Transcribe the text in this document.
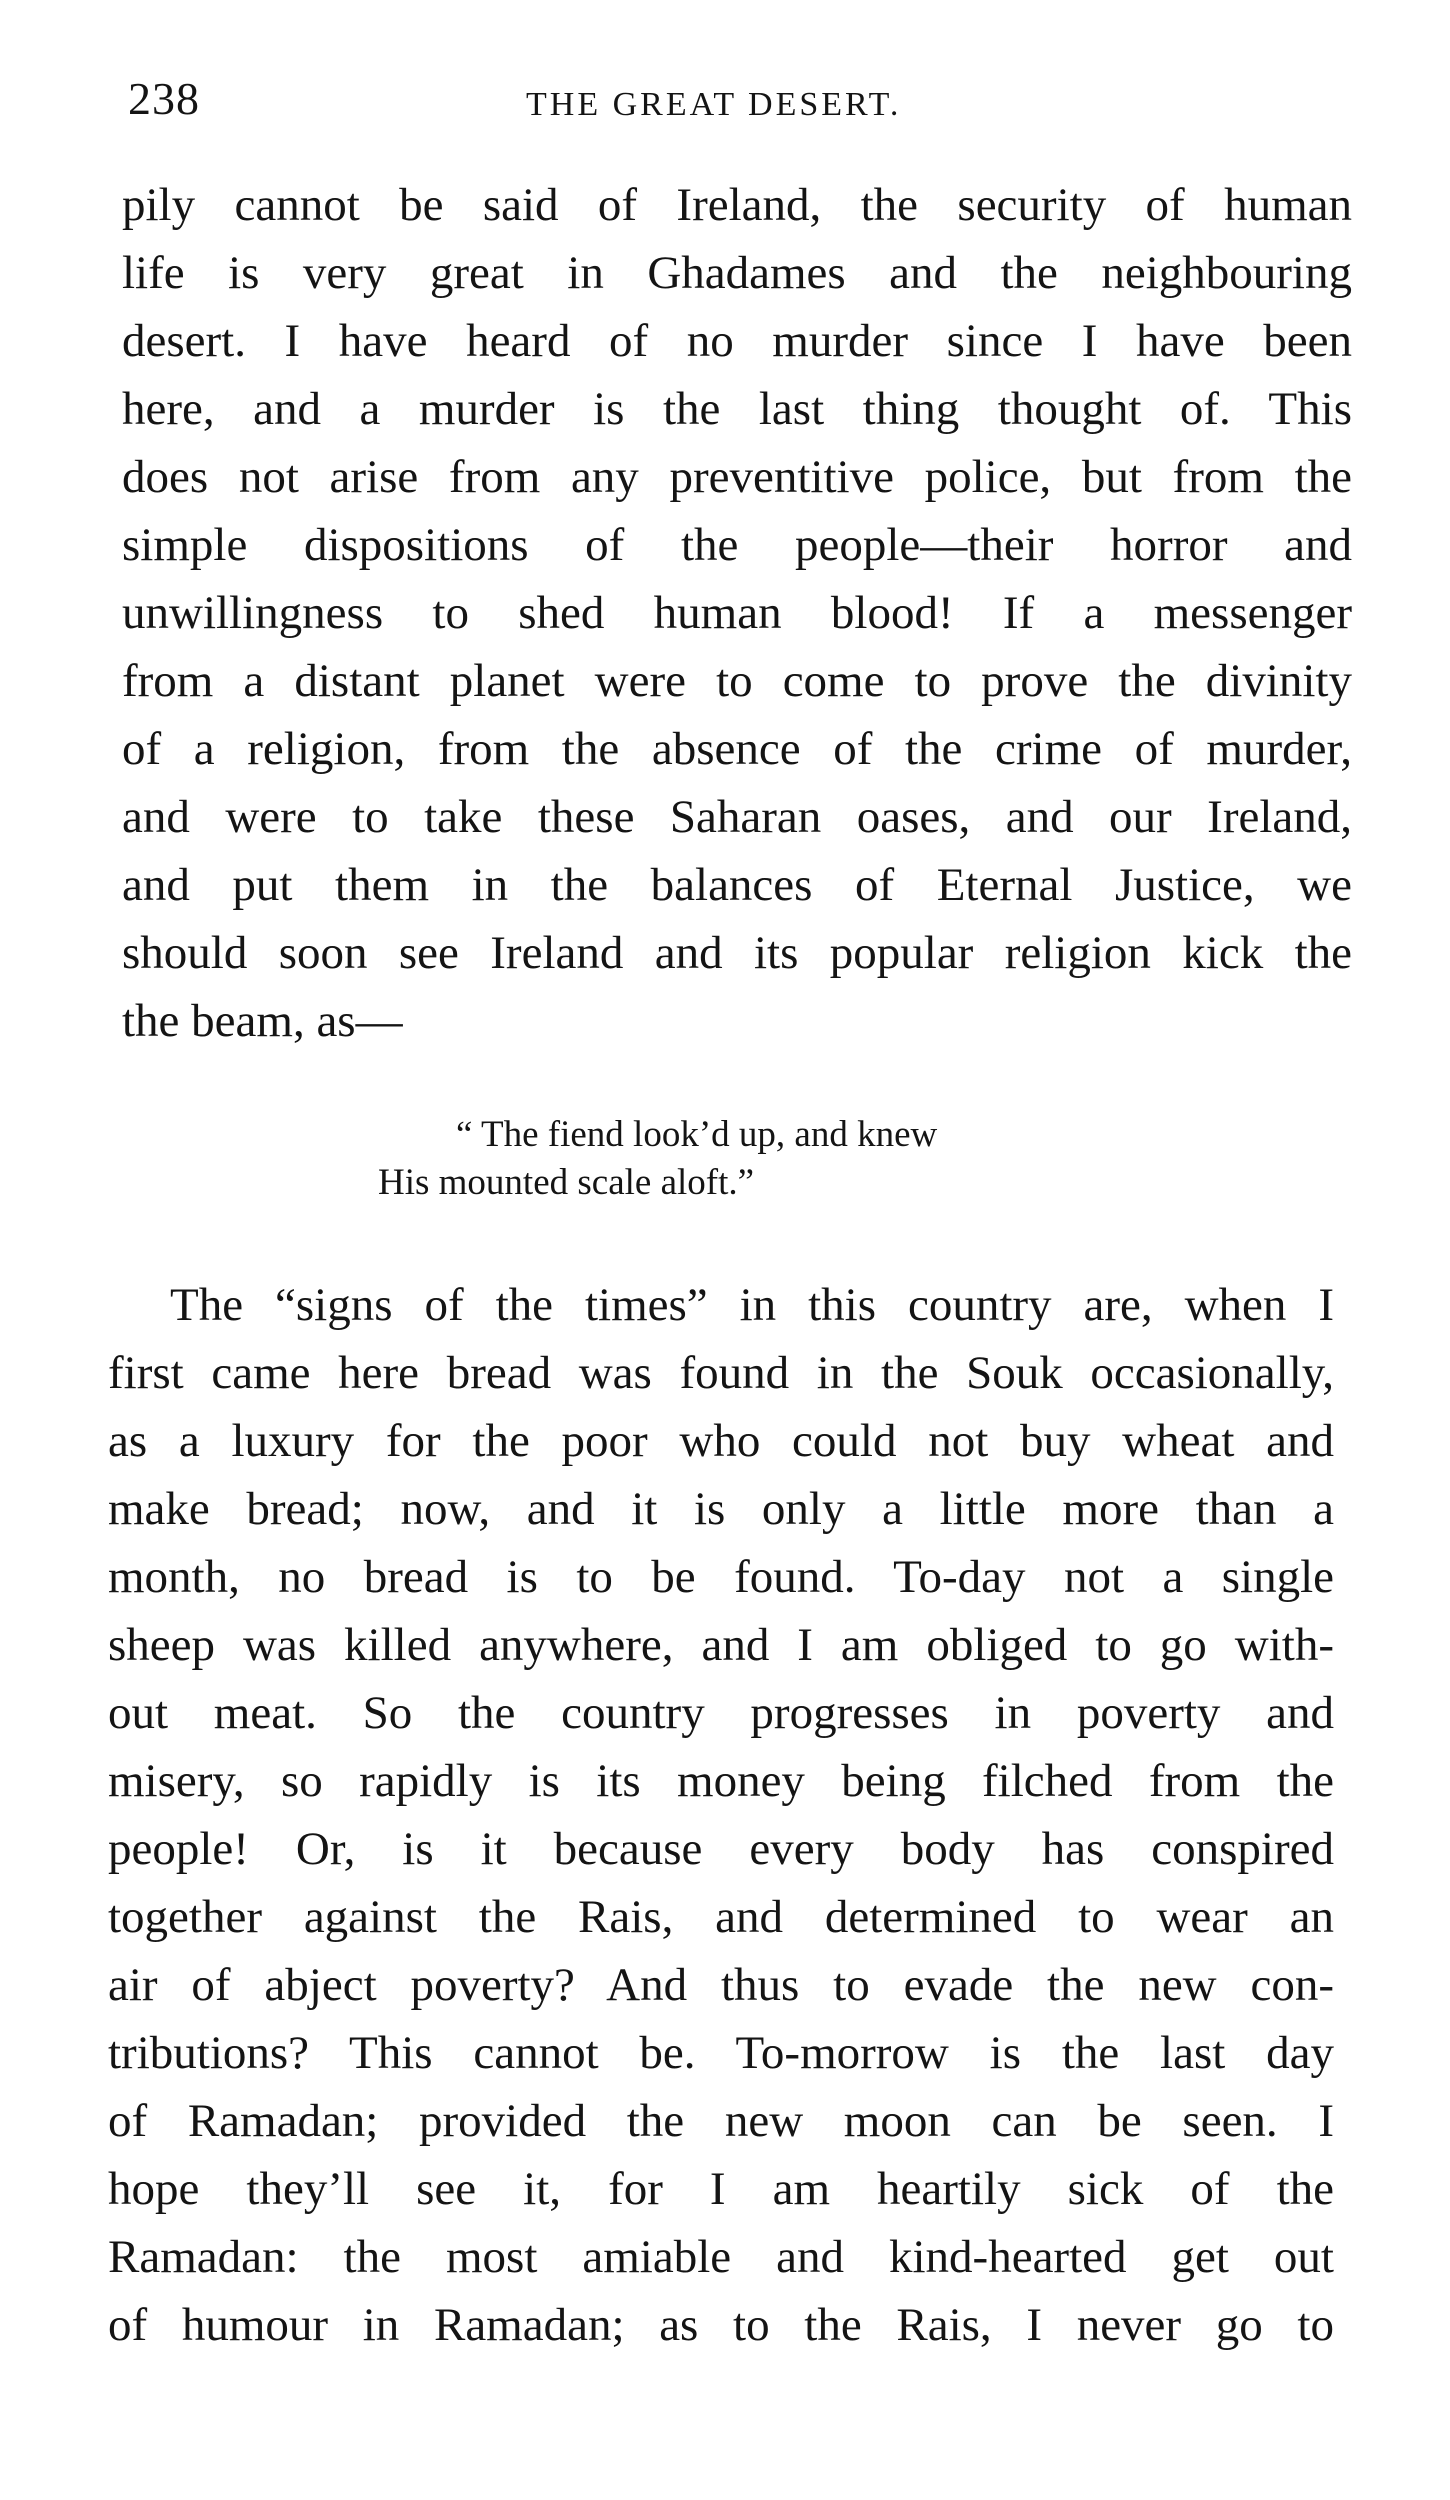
238	THE GREAT DESERT.
pily cannot be said of Ireland, the security of human
life is very great in Ghadames and the neighbouring
desert. I have heard of no murder since I have been
here, and a murder is the last thing thought of. This
does not arise from any preventitive police, but from the
simple dispositions of the people—their horror and
unwillingness to shed human blood! If a messenger
from a distant planet were to come to prove the divinity
of a religion, from the absence of the crime of murder,
and were to take these Saharan oases, and our Ireland,
and put them in the balances of Eternal Justice, we
should soon see Ireland and its popular religion kick the
the beam, as—
“ The fiend look’d up, and knew
His mounted scale aloft.”
The “signs of the times” in this country are, when I
first came here bread was found in the Souk occasionally,
as a luxury for the poor who could not buy wheat and
make bread; now, and it is only a little more than a
month, no bread is to be found. To-day not a single
sheep was killed anywhere, and I am obliged to go with-
out meat. So the country progresses in poverty and
misery, so rapidly is its money being filched from the
people! Or, is it because every body has conspired
together against the Rais, and determined to wear an
air of abject poverty? And thus to evade the new con-
tributions? This cannot be. To-morrow is the last day
of Ramadan; provided the new moon can be seen. I
hope they’ll see it, for I am heartily sick of the
Ramadan: the most amiable and kind-hearted get out
of humour in Ramadan; as to the Rais, I never go to
